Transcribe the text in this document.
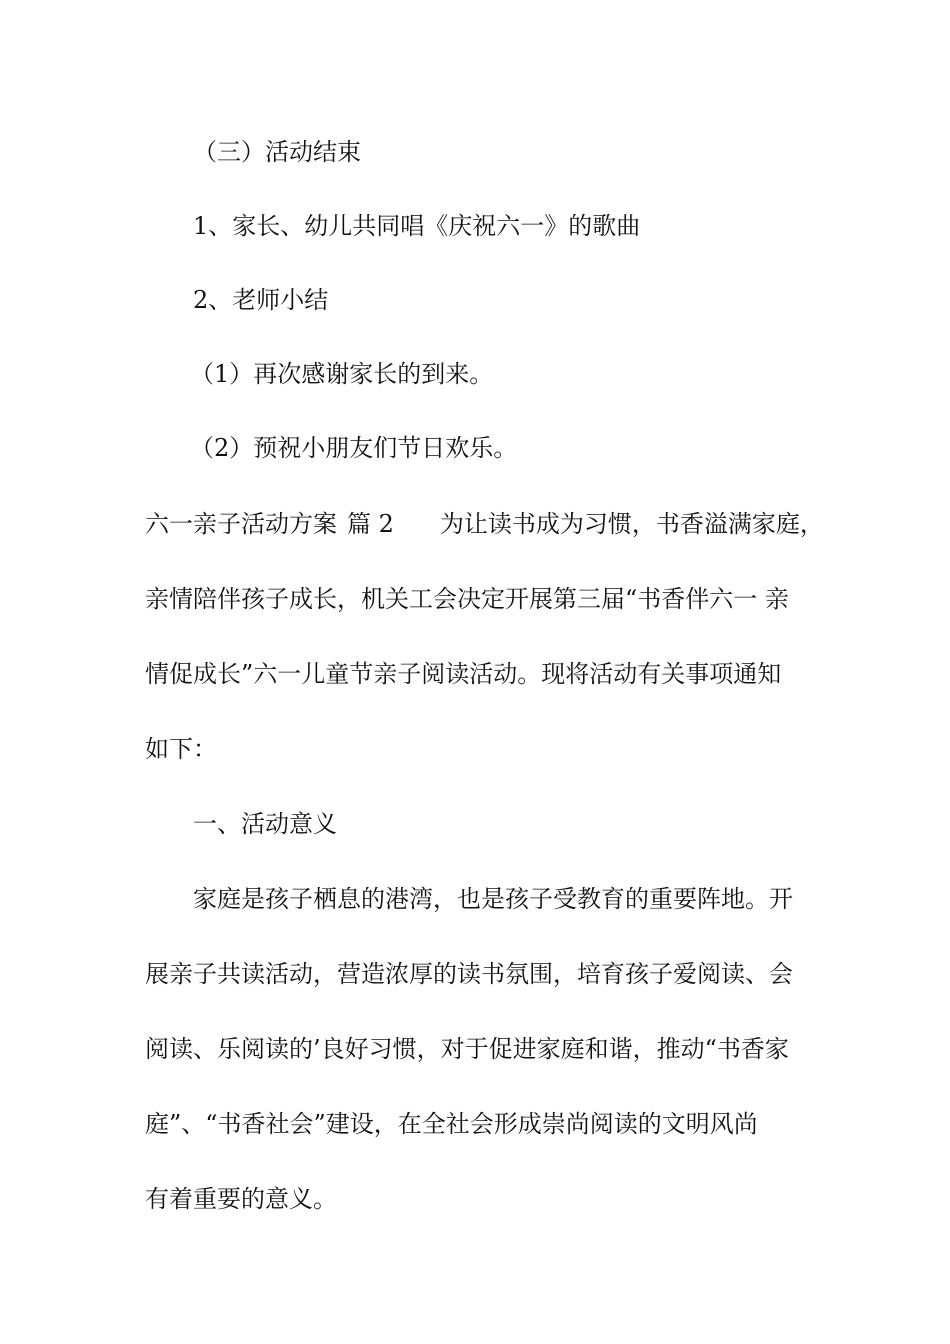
（三）活动结束
1、家长、幼儿共同唱《庆祝六一》的歌曲
2、老师小结
（1）再次感谢家长的到来。
（2）预祝小朋友们节日欢乐。
六一亲子活动方案 篇 2 为让读书成为习惯，书香溢满家庭，
亲情陪伴孩子成长，机关工会决定开展第三届“书香伴六一 亲
情促成长”六一儿童节亲子阅读活动。现将活动有关事项通知
如下：
一、活动意义
家庭是孩子栖息的港湾，也是孩子受教育的重要阵地。开
展亲子共读活动，营造浓厚的读书氛围，培育孩子爱阅读、会
阅读、乐阅读的’良好习惯，对于促进家庭和谐，推动“书香家
庭”、“书香社会”建设，在全社会形成崇尚阅读的文明风尚
有着重要的意义。
